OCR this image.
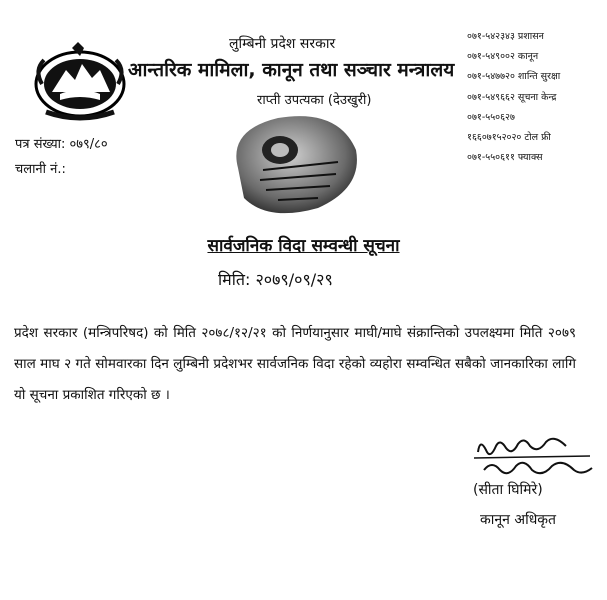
लुम्बिनी प्रदेश सरकार
आन्तरिक मामिला, कानून तथा सञ्चार मन्त्रालय
राप्ती उपत्यका (देउखुरी)
०७१-५४२३४३ प्रशासन
०७१-५४९००२ कानून
०७१-५४७७२० शान्ति सुरक्षा
०७१-५४९६६२ सूचना केन्द्र
०७१-५५०६२७
१६६०७१५२०२० टोल फ्री
०७१-५५०६११ फ्याक्स
पत्र संख्या: ०७९/८०
चलानी नं.:
सार्वजनिक विदा सम्वन्धी सूचना
मिति: २०७९/०९/२९
प्रदेश सरकार (मन्त्रिपरिषद) को मिति २०७८/१२/२१ को निर्णयानुसार माघी/माघे संक्रान्तिको उपलक्ष्यमा मिति २०७९ साल माघ २ गते सोमवारका दिन लुम्बिनी प्रदेशभर सार्वजनिक विदा रहेको व्यहोरा सम्वन्धित सबैको जानकारिका लागि यो सूचना प्रकाशित गरिएको छ ।
(सीता घिमिरे)
कानून अधिकृत
